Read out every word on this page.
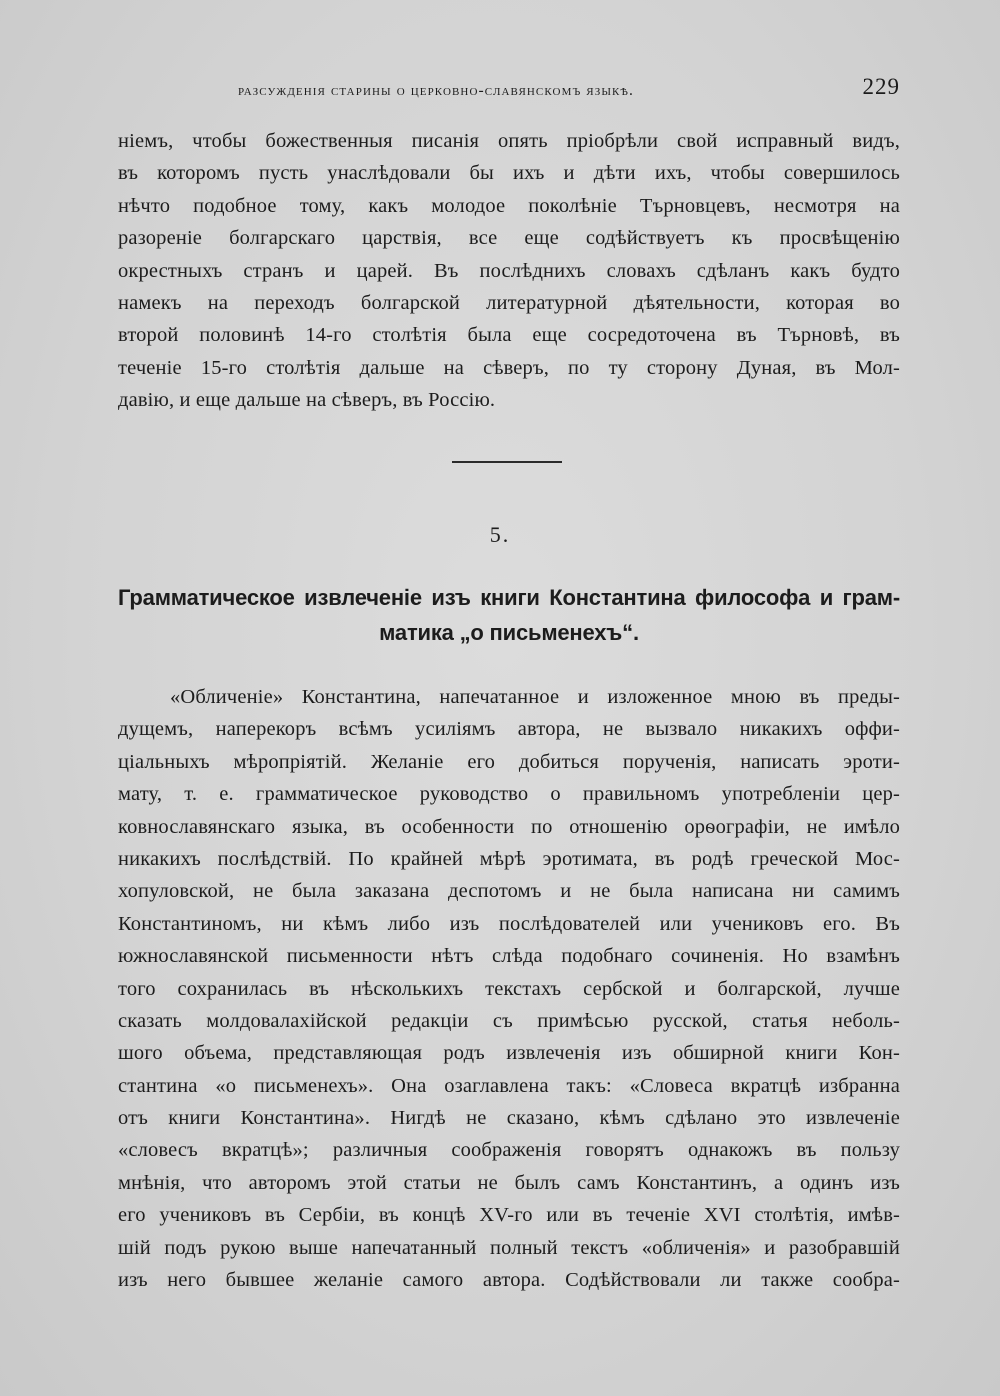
разсужденія старины о церковно-славянскомъ языкѣ.	229
ніемъ, чтобы божественныя писанія опять пріобрѣли свой исправный видъ,
въ которомъ пусть унаслѣдовали бы ихъ и дѣти ихъ, чтобы совершилось
нѣчто подобное тому, какъ молодое поколѣніе Търновцевъ, несмотря на
разореніе болгарскаго царствія, все еще содѣйствуетъ къ просвѣщенію
окрестныхъ странъ и царей. Въ послѣднихъ словахъ сдѣланъ какъ будто
намекъ на переходъ болгарской литературной дѣятельности, которая во
второй половинѣ 14-го столѣтія была еще сосредоточена въ Търновѣ, въ
теченіе 15-го столѣтія дальше на сѣверъ, по ту сторону Дуная, въ Мол-
давію, и еще дальше на сѣверъ, въ Россію.
5.
Грамматическое извлеченіе изъ книги Константина философа и грам-
матика „о письменехъ“.
«Обличеніе» Константина, напечатанное и изложенное мною въ преды-
дущемъ, наперекоръ всѣмъ усиліямъ автора, не вызвало никакихъ оффи-
ціальныхъ мѣропріятій. Желаніе его добиться порученія, написать эроти-
мату, т. е. грамматическое руководство о правильномъ употребленіи цер-
ковнославянскаго языка, въ особенности по отношенію орѳографіи, не имѣло
никакихъ послѣдствій. По крайней мѣрѣ эротимата, въ родѣ греческой Мос-
хопуловской, не была заказана деспотомъ и не была написана ни самимъ
Константиномъ, ни кѣмъ либо изъ послѣдователей или учениковъ его. Въ
южнославянской письменности нѣтъ слѣда подобнаго сочиненія. Но взамѣнъ
того сохранилась въ нѣсколькихъ текстахъ сербской и болгарской, лучше
сказать молдовалахійской редакціи съ примѣсью русской, статья неболь-
шого объема, представляющая родъ извлеченія изъ обширной книги Кон-
стантина «о письменехъ». Она озаглавлена такъ: «Словеса вкратцѣ избранна
отъ книги Константина». Нигдѣ не сказано, кѣмъ сдѣлано это извлеченіе
«словесъ вкратцѣ»; различныя соображенія говорятъ однакожъ въ пользу
мнѣнія, что авторомъ этой статьи не былъ самъ Константинъ, а одинъ изъ
его учениковъ въ Сербіи, въ концѣ XV-го или въ теченіе XVI столѣтія, имѣв-
шій подъ рукою выше напечатанный полный текстъ «обличенія» и разобравшій
изъ него бывшее желаніе самого автора. Содѣйствовали ли также сообра-
